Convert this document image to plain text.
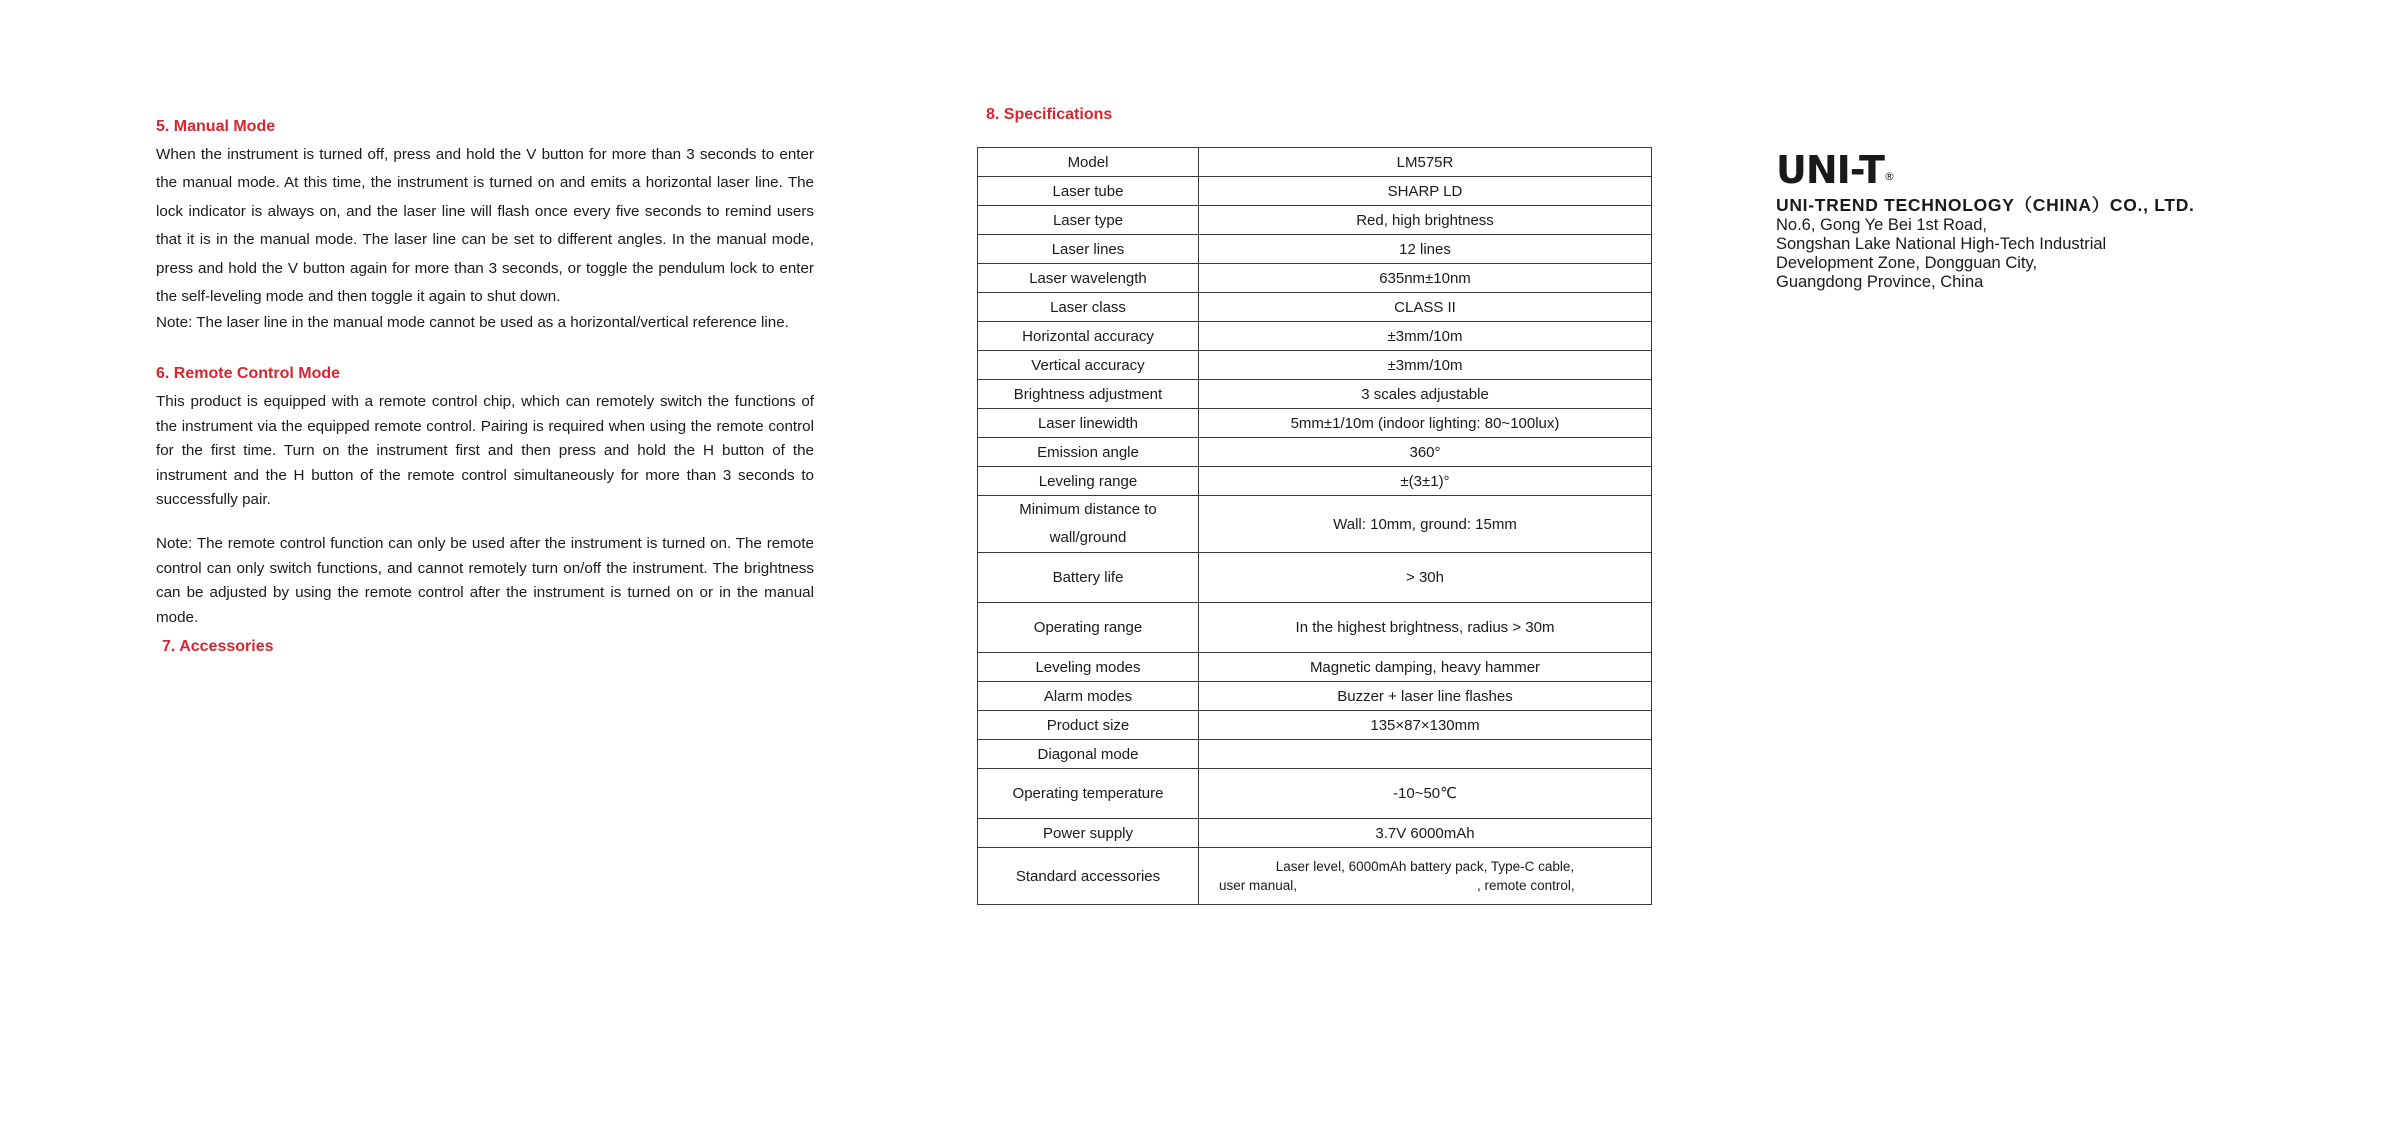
5. Manual Mode

When the instrument is turned off, press and hold the V button for more than 3 seconds to enter the manual mode. At this time, the instrument is turned on and emits a horizontal laser line. The lock indicator is always on, and the laser line will flash once every five seconds to remind users that it is in the manual mode. The laser line can be set to different angles. In the manual mode, press and hold the V button again for more than 3 seconds, or toggle the pendulum lock to enter the self-leveling mode and then toggle it again to shut down.

Note: The laser line in the manual mode cannot be used as a horizontal/vertical reference line.

6. Remote Control Mode

This product is equipped with a remote control chip, which can remotely switch the functions of the instrument via the equipped remote control. Pairing is required when using the remote control for the first time. Turn on the instrument first and then press and hold the H button of the instrument and the H button of the remote control simultaneously for more than 3 seconds to successfully pair.

Note: The remote control function can only be used after the instrument is turned on. The remote control can only switch functions, and cannot remotely turn on/off the instrument. The brightness can be adjusted by using the remote control after the instrument is turned on or in the manual mode.

7. Accessories
8. Specifications
Model	LM575R
Laser tube	SHARP LD
Laser type	Red, high brightness
Laser lines	12 lines
Laser wavelength	635nm±10nm
Laser class	CLASS II
Horizontal accuracy	±3mm/10m
Vertical accuracy	±3mm/10m
Brightness adjustment	3 scales adjustable
Laser linewidth	5mm±1/10m (indoor lighting: 80~100lux)
Emission angle	360°
Leveling range	±(3±1)°
Minimum distance to wall/ground	Wall: 10mm, ground: 15mm
Battery life	> 30h
Operating range	In the highest brightness, radius > 30m
Leveling modes	Magnetic damping, heavy hammer
Alarm modes	Buzzer + laser line flashes
Product size	135×87×130mm
Diagonal mode	
Operating temperature	-10~50℃
Power supply	3.7V 6000mAh
Standard accessories	Laser level, 6000mAh battery pack, Type-C cable,
user manual, , remote control,
UNI-T®
UNI-TREND TECHNOLOGY（CHINA）CO., LTD.
No.6, Gong Ye Bei 1st Road,
Songshan Lake National High-Tech Industrial
Development Zone, Dongguan City,
Guangdong Province, China
